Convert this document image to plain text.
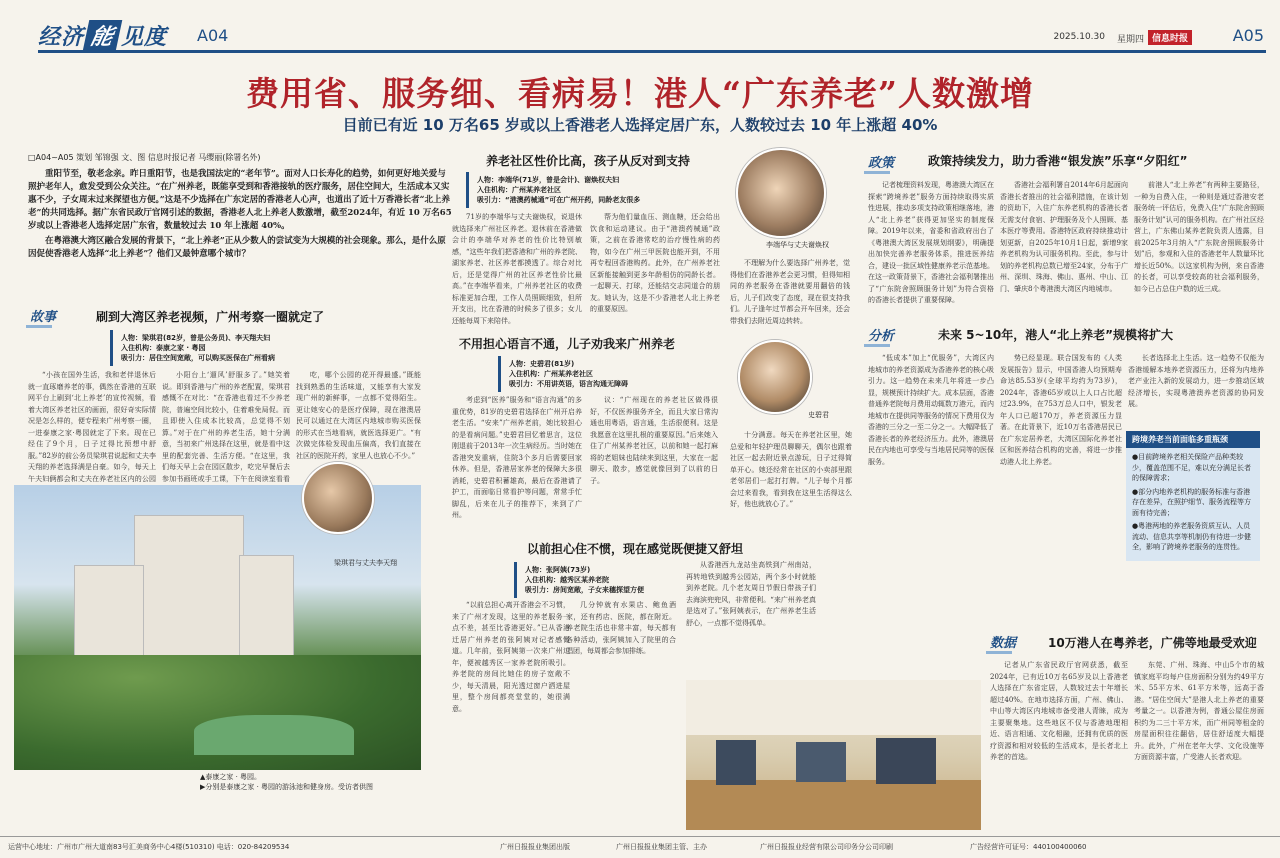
经济 能 见度 A04	2025.10.30 星期四 信息时报	A05
费用省、服务细、看病易！港人“广东养老”人数激增
目前已有近 10 万名65 岁或以上香港老人选择定居广东，人数较过去 10 年上涨超 40%
□A04~A05 策划 邹锦强 文、图 信息时报记者 马缨丽(除署名外)

重阳节至，敬老念亲。昨日重阳节，也是我国法定的“老年节”。面对人口长寿化的趋势，如何更好地关爱与照护老年人，愈发受到公众关注。“在广州养老，既能享受到和香港接轨的医疗服务，居住空间大，生活成本又实惠不少，子女周末过来探望也方便。”这是不少选择在广东定居的香港老人心声，也道出了近十万香港长者“北上养老”的共同选择。据广东省民政厅官网引述的数据，香港老人北上养老人数激增，截至2024年，有近 10 万名65 岁或以上香港老人选择定居广东省，数量较过去 10 年上涨超 40%。

在粤港澳大湾区融合发展的背景下，“北上养老”正从少数人的尝试变为大规模的社会现象。那么，是什么原因促使香港老人选择“北上养老”？他们又最钟意哪个城市？

故事	刷到大湾区养老视频，广州考察一圈就定了
人物：梁琪君(82岁，曾是公务员)、李天翔夫妇
入住机构：泰康之家 · 粤园
吸引力：居住空间宽敞，可以购买医保在广州看病

“小孩在国外生活，我和老伴退休后就一直琢磨养老的事，偶然在香港的互联网平台上刷到‘北上养老’的宣传视频，看着大湾区养老社区的画面，很好奇实际情况是怎么样的，便专程来广州考察一圈，一进泰康之家·粤园就定了下来。现在已经住了9个月，日子过得比预想中舒服。”82岁的前公务员梁琪君说起和丈夫李天翔的养老选择满是自豪。如今，每天上午夫妇俩都会和丈夫在养老社区内的公园

小阳台上‘遛风’舒服多了。”她笑着说。即到香港与广州的养老配置，梁琪君感慨不在对比：“在香港也看过不少养老院，普遍空间比较小，住着难免局促。而且即使入住成本比较高，总觉得不划算。”对于在广州的养老生活，她十分满意，当初来广州选择在这里，就是看中这里的配套完善、生活方便。“在这里，我们每天早上会在园区散步，吃完早餐后去参加书画班或手工课，下午在阅读室看看

吃，哪个公园的花开得最盛。”既能找到熟悉的生活味道，又能享有大家发现广州的新鲜事，一点都不觉得陌生。更让她安心的是医疗保障，现在港澳居民可以通过在大湾区内地城市购买医保的形式在当地看病，就医选择更广。“有次做完体检发现血压偏高，我们直接在社区的医院开药，家里人也放心不少。”

梁琪君与丈夫李天翔
▲泰康之家 · 粤园。
▶分别是泰康之家 · 粤园的游泳池和健身房。受访者供图
养老社区性价比高，孩子从反对到支持
人物：李端华(71岁，曾是会计)、谢焕权夫妇
入住机构：广州某养老社区
吸引力：“港澳药械通”可在广州开药，同龄老友很多

71岁的李端华与丈夫谢焕权，说退休就选择来广州社区养老。退休前在香港做会计的李端华对养老的性价比特别敏感，“这些年我们把香港和广州的养老院、湖家养老、社区养老都摸透了。综合对比后，还是觉得广州的社区养老性价比最高。”在李端华看来，广州养老社区的收费标准更加合理，工作人员照顾细致，但所开支出，比在香港的时候多了很多；女儿还能每周下来陪伴。

帮为他们量血压、测血糖，还会给出饮食和运动建议。由于“港澳药械通”政策，之前在香港常吃的治疗慢性病的药物，如今在广州三甲医院也能开到，不用再专程回香港购药。此外，在广州养老社区新能接触到更多年龄相仿的同龄长者。一起聊天、打球，还能结交志同道合的朋友。她认为，这是不少香港老人北上养老的重要原因。

李端华与丈夫谢焕权

不理解为什么要选择广州养老，觉得他们在香港养老会更习惯，但得知相同的养老服务在香港就要用翻倍的钱后，儿子们改变了态度，现在很支持我们。儿子逢年过节都会开车回来，还会带我们去附近周边转转。

不用担心语言不通，儿子劝我来广州养老
人物：史碧君(81岁)
入住机构：广州某养老社区
吸引力：不用讲英语，语言沟通无障碍

考虑到“医养”服务和“语言沟通”的多重优势，81岁的史碧君选择在广州开启养老生活。“安来”广州养老前，她比较担心的是看病问题。”史碧君回忆着思言，这位刚退前于2013年一次生病经历。当时她在香港突发重病，住院3个多月后需要回家休养。但是，香港居家养老的保障大多很消耗，史碧君积蓄雄高，最后在香港请了护工，而面临日常看护等问题，常常手忙脚乱，后来在儿子的推荐下，来到了广州。

议：“广州现在的养老社区做得很好，不仅医养服务齐全，而且大家日常沟通也用粤语，语言通，生活很便利。这是我愿意在这里扎根的重要原因。”后来她入住了广州某养老社区，以前和她一起打麻将的老姐妹也陆续来到这里，大家在一起聊天、散步，感觉就像回到了以前的日子。

史碧君

十分满意。每天在养老社区里，她总爱和年轻护理员聊聊天，偶尔也跟着社区一起去附近景点游玩，日子过得简单开心。她还经常在社区的小卖部里跟老邻居们一起打打牌。“儿子每个月都会过来看我，看到我在这里生活得这么好，他也就放心了。”

以前担心住不惯，现在感觉既便捷又舒坦
人物：张阿姨(73岁)
入住机构：越秀区某养老院
吸引力：房间宽敞，子女来穗探望方便

“以前总担心离开香港会不习惯，来了广州才发现，这里的养老服务一点不差，甚至比香港更好。”已从香港迁居广州养老的张阿姨对记者感慨道。几年前，张阿姨第一次来广州过年，便被越秀区一家养老院所吸引。养老院的房间比她住的房子宽敞不少，每天清晨，阳光透过窗户洒进屋里，整个房间都亮堂堂的，她很满意。

几分钟就有水果店、鲍鱼酒家，还有药店、医院，都在附近。养老院生活也非常丰富，每天都有各种活动，张阿姨加入了院里的合唱团，每周都会参加排练。

从香港西九龙站坐高铁到广州南站，再转地铁到越秀公园站，两个多小时就能到养老院。几个老友周日节假日带孩子们去海滨兜兜风，非常便利。“来广州养老真是选对了。”张阿姨表示，在广州养老生活舒心，一点都不觉得孤单。

政策	政策持续发力，助力香港“银发族”乐享“夕阳红”

记者梳理资料发现，粤港澳大湾区在探索“跨境养老”服务方面持续取得实质性进展，推动多项支持政策相继落地，港人“北上养老”获得更加坚实的制度保障。2019年以来，省委和省政府出台了《粤港澳大湾区发展规划纲要》，明确提出加快完善养老服务体系，推进医养结合，建设一批区域性健康养老示范基地。在这一政策背景下，香港社会福利署推出了“广东院舍照顾服务计划”为符合资格的香港长者提供了重要保障。

香港社会福利署自2014年6月起面向香港长者推出的社会福利措施，在该计划的资助下，入住广东养老机构的香港长者无需支付食宿、护理服务及个人照顾、基本医疗等费用。香港特区政府持续推动计划更新，自2025年10月1日起，新增9家养老机构为认可服务机构。至此，参与计划的养老机构总数已增至24家，分布于广州、深圳、珠海、佛山、惠州、中山、江门、肇庆8个粤港澳大湾区内地城市。

前港人“北上养老”有两种主要路径，一种为自费入住，一种则是通过香港安老服务统一评估后，免费入住“广东院舍照顾服务计划”认可的服务机构。在广州社区经营上，广东佛山某养老院负责人透露，目前2025年3月纳入“广东院舍照顾服务计划”后，参观和入住的香港老年人数量环比增长近50%。以这家机构为例，来自香港的长者，可以享受较高的社会福利服务，如今已占总住户数的近三成。

分析	未来 5~10年，港人“北上养老”规模将扩大

“低成本”加上“优服务”，大湾区内地城市的养老资源成为香港养老的核心吸引力。这一趋势在未来几年将进一步凸显，规模预计持续扩大。成本层面，香港普通养老院每月费用动辄数万港元，而内地城市在提供同等服务的情况下费用仅为香港的三分之一至二分之一。大幅降低了香港长者的养老经济压力。此外，港澳居民在内地也可享受与当地居民同等的医保服务。

势已经显现。联合国发布的《人类发展报告》显示，中国香港人均预期寿命达85.53岁(全球平均约为73岁)，2024年，香港65岁或以上人口占比超过23.9%，在753万总人口中，银发老年人口已超170万，养老资源压力显著。在此背景下，近10万名香港居民已在广东定居养老，大湾区国际化养老社区和医养结合机构的完善，将进一步推动港人北上养老。

长者选择北上生活。这一趋势不仅能为香港缓解本地养老资源压力，还将为内地养老产业注入新的发展动力，进一步推动区域经济增长，实现粤港澳养老资源的协同发展。

跨境养老当前面临多重瓶颈

●目前跨境养老相关保险产品种类较少，覆盖范围不足，难以充分满足长者的保障需求；

●部分内地养老机构的服务标准与香港存在差异，在照护细节、服务流程等方面有待完善；

●粤港两地的养老服务资质互认、人员流动、信息共享等机制仍有待进一步健全，影响了跨境养老服务的连贯性。

数据	10万港人在粤养老，广佛等地最受欢迎

记者从广东省民政厅官网获悉，截至2024年，已有近10万名65岁及以上香港老人选择在广东省定居，人数较过去十年增长超过40%。在地市选择方面，广州、佛山、中山等大湾区内地城市备受港人青睐，成为主要聚集地。这些地区不仅与香港地理相近、语言相通、文化相融，还拥有优质的医疗资源和相对较低的生活成本，是长者北上养老的首选。

东莞、广州、珠海、中山5个市的城镇家庭平均每户住房面积分别为约49平方米、55平方米、61平方米等，远高于香港。“居住空间大”是港人北上养老的重要考量之一。以香港为例，普通公屋住房面积约为二三十平方米，而广州同等租金的房屋面积往往翻倍，居住舒适度大幅提升。此外，广州在老年大学、文化设施等方面资源丰富，广受港人长者欢迎。

运营中心地址：广州市广州大道南83号汇美商务中心4楼(510310) 电话：020-84209534	广州日报报业集团出版	广州日报报业集团主管、主办	广州日报报业经营有限公司印务分公司印刷	广告经营许可证号：440100400060
